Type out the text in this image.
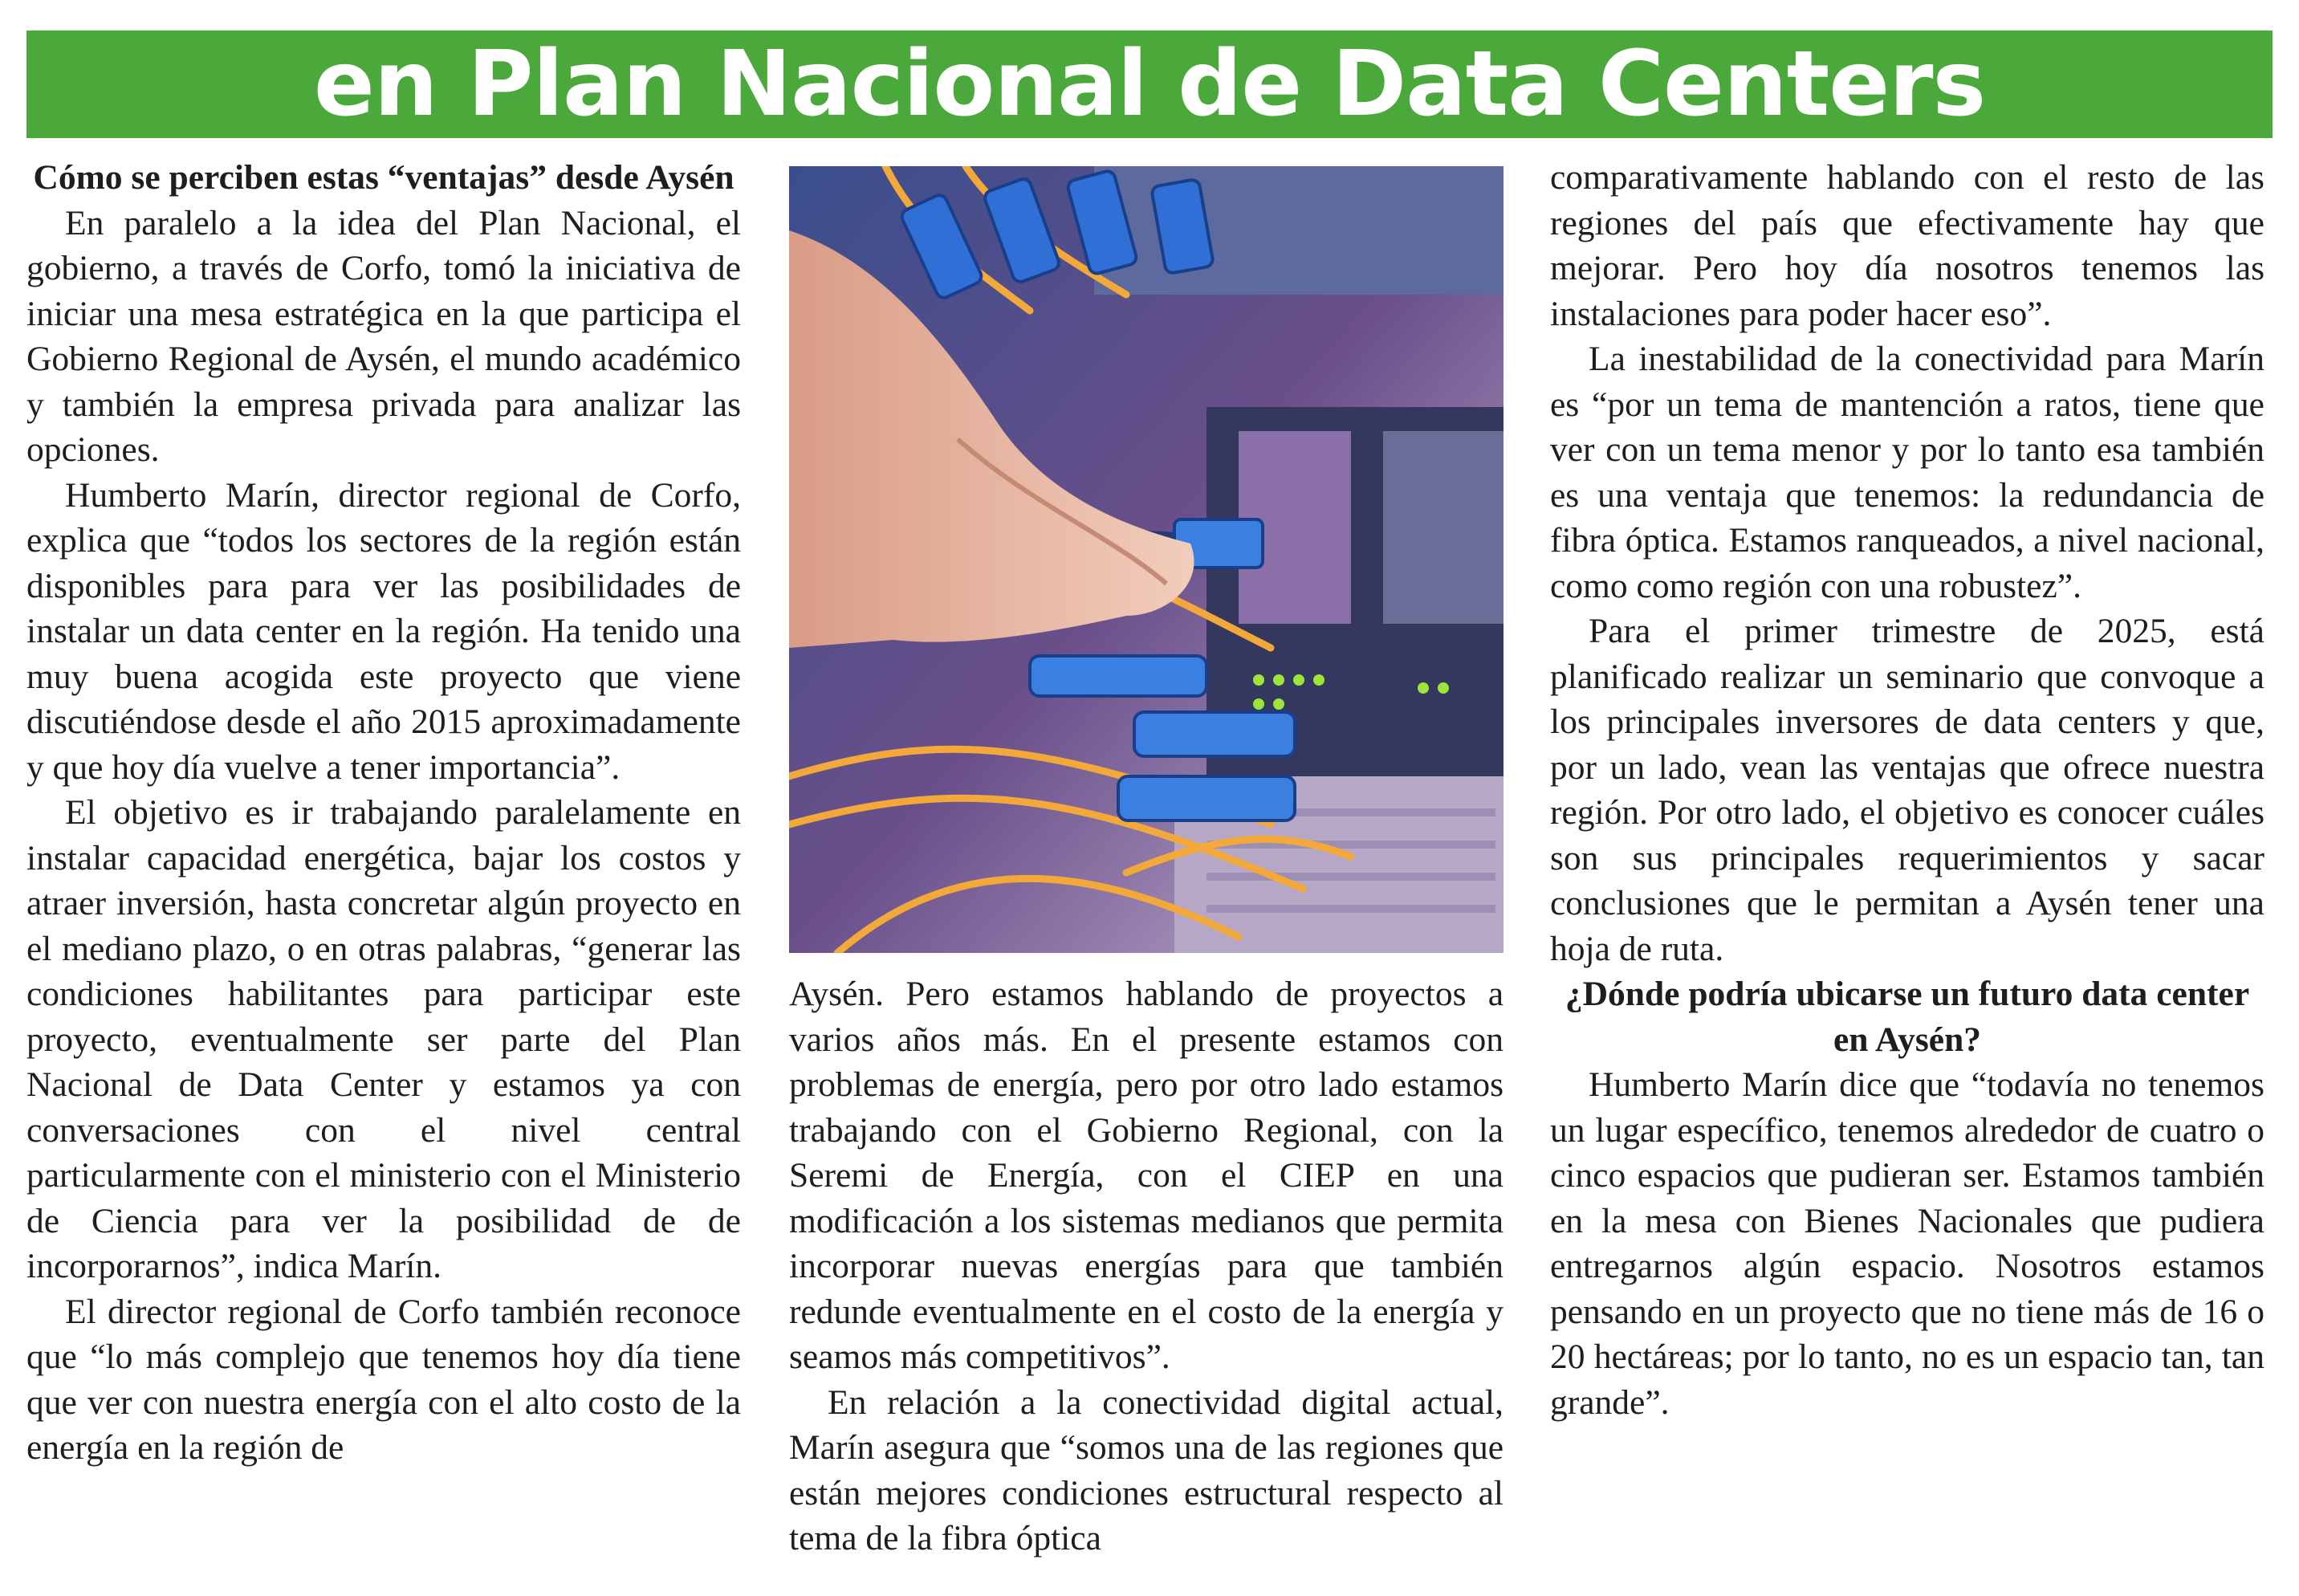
en Plan Nacional de Data Centers
Cómo se perciben estas “ventajas” desde Aysén

En paralelo a la idea del Plan Nacional, el gobierno, a través de Corfo, tomó la iniciativa de iniciar una mesa estratégica en la que participa el Gobierno Regional de Aysén, el mundo académico y también la empresa privada para analizar las opciones.

Humberto Marín, director regional de Corfo, explica que “todos los sectores de la región están disponibles para para ver las posibilidades de instalar un data center en la región. Ha tenido una muy buena acogida este proyecto que viene discutiéndose desde el año 2015 aproximadamente y que hoy día vuelve a tener importancia”.

El objetivo es ir trabajando paralelamente en instalar capacidad energética, bajar los costos y atraer inversión, hasta concretar algún proyecto en el mediano plazo, o en otras palabras, “generar las condiciones habilitantes para participar este proyecto, eventualmente ser parte del Plan Nacional de Data Center y estamos ya con conversaciones con el nivel central particularmente con el ministerio con el Ministerio de Ciencia para ver la posibilidad de de incorporarnos”, indica Marín.

El director regional de Corfo también reconoce que “lo más complejo que tenemos hoy día tiene que ver con nuestra energía con el alto costo de la energía en la región de

Aysén. Pero estamos hablando de proyectos a varios años más. En el presente estamos con problemas de energía, pero por otro lado estamos trabajando con el Gobierno Regional, con la Seremi de Energía, con el CIEP en una modificación a los sistemas medianos que permita incorporar nuevas energías para que también redunde eventualmente en el costo de la energía y seamos más competitivos”.

En relación a la conectividad digital actual, Marín asegura que “somos una de las regiones que están mejores condiciones estructural respecto al tema de la fibra óptica

comparativamente hablando con el resto de las regiones del país que efectivamente hay que mejorar. Pero hoy día nosotros tenemos las instalaciones para poder hacer eso”.

La inestabilidad de la conectividad para Marín es “por un tema de mantención a ratos, tiene que ver con un tema menor y por lo tanto esa también es una ventaja que tenemos: la redundancia de fibra óptica. Estamos ranqueados, a nivel nacional, como como región con una robustez”.

Para el primer trimestre de 2025, está planificado realizar un seminario que convoque a los principales inversores de data centers y que, por un lado, vean las ventajas que ofrece nuestra región. Por otro lado, el objetivo es conocer cuáles son sus principales requerimientos y sacar conclusiones que le permitan a Aysén tener una hoja de ruta.

¿Dónde podría ubicarse un futuro data center en Aysén?

Humberto Marín dice que “todavía no tenemos un lugar específico, tenemos alrededor de cuatro o cinco espacios que pudieran ser. Estamos también en la mesa con Bienes Nacionales que pudiera entregarnos algún espacio. Nosotros estamos pensando en un proyecto que no tiene más de 16 o 20 hectáreas; por lo tanto, no es un espacio tan, tan grande”.
